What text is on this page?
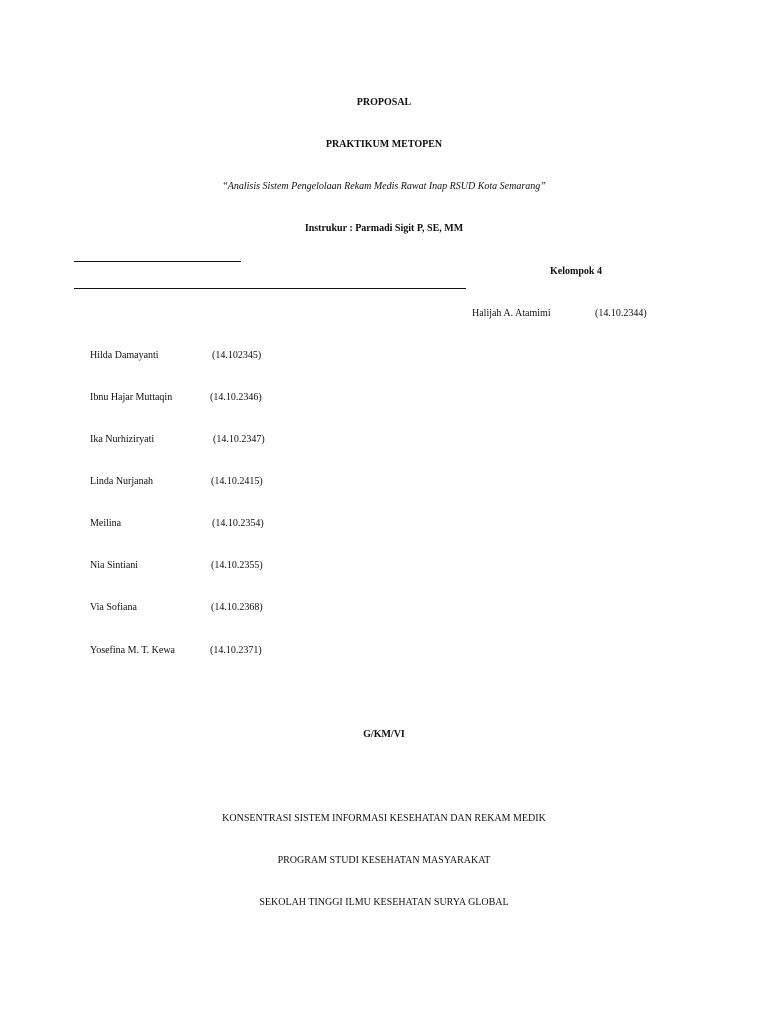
PROPOSAL
PRAKTIKUM METOPEN
“Analisis Sistem Pengelolaan Rekam Medis Rawat Inap RSUD Kota Semarang”
Instrukur : Parmadi Sigit P, SE, MM
Kelompok 4
Halijah A. Atamimi	(14.10.2344)
Hilda Damayanti	(14.102345)
Ibnu Hajar Muttaqin	(14.10.2346)
Ika Nurhiziryati	(14.10.2347)
Linda Nurjanah	(14.10.2415)
Meilina	(14.10.2354)
Nia Sintiani	(14.10.2355)
Via Sofiana	(14.10.2368)
Yosefina M. T. Kewa	(14.10.2371)
G/KM/VI
KONSENTRASI SISTEM INFORMASI KESEHATAN DAN REKAM MEDIK
PROGRAM STUDI KESEHATAN MASYARAKAT
SEKOLAH TINGGI ILMU KESEHATAN SURYA GLOBAL
